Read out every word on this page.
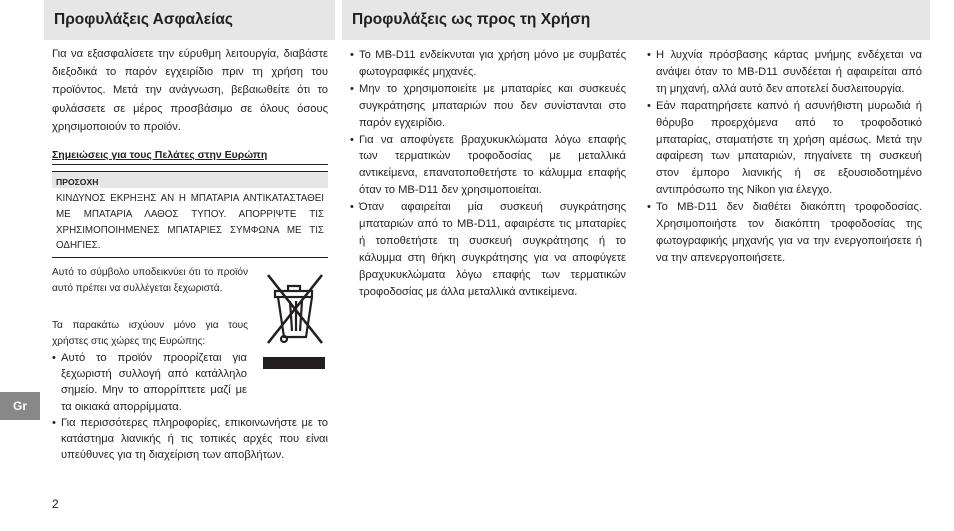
Προφυλάξεις Ασφαλείας	Προφυλάξεις ως προς τη Χρήση

Για να εξασφαλίσετε την εύρυθμη λειτουργία, διαβάστε διεξοδικά το παρόν εγχειρίδιο πριν τη χρήση του προϊόντος. Μετά την ανάγνωση, βεβαιωθείτε ότι το φυλάσσετε σε μέρος προσβάσιμο σε όλους όσους χρησιμοποιούν το προϊόν.

Σημειώσεις για τους Πελάτες στην Ευρώπη
ΠΡΟΣΟΧΗ
ΚΙΝΔΥΝΟΣ ΕΚΡΗΞΗΣ ΑΝ Η ΜΠΑΤΑΡΙΑ ΑΝΤΙΚΑΤΑΣΤΑΘΕΙ ΜΕ ΜΠΑΤΑΡΙΑ ΛΑΘΟΣ ΤΥΠΟΥ. ΑΠΟΡΡΙΨΤΕ ΤΙΣ ΧΡΗΣΙΜΟΠΟΙΗΜΕΝΕΣ ΜΠΑΤΑΡΙΕΣ ΣΥΜΦΩΝΑ ΜΕ ΤΙΣ ΟΔΗΓΙΕΣ.

Αυτό το σύμβολο υποδεικνύει ότι το προϊόν αυτό πρέπει να συλλέγεται ξεχωριστά.

Τα παρακάτω ισχύουν μόνο για τους χρήστες στις χώρες της Ευρώπης:

• Αυτό το προϊόν προορίζεται για ξεχωριστή συλλογή από κατάλληλο σημείο. Μην το απορρίπτετε μαζί με τα οικιακά απορρίμματα.
• Για περισσότερες πληροφορίες, επικοινωνήστε με το κατάστημα λιανικής ή τις τοπικές αρχές που είναι υπεύθυνες για τη διαχείριση των αποβλήτων.
Gr
2
• Το MB-D11 ενδείκνυται για χρήση μόνο με συμβατές φωτογραφικές μηχανές.
• Μην το χρησιμοποιείτε με μπαταρίες και συσκευές συγκράτησης μπαταριών που δεν συνίστανται στο παρόν εγχειρίδιο.
• Για να αποφύγετε βραχυκυκλώματα λόγω επαφής των τερματικών τροφοδοσίας με μεταλλικά αντικείμενα, επανατοποθετήστε το κάλυμμα επαφής όταν το MB-D11 δεν χρησιμοποιείται.
• Όταν αφαιρείται μία συσκευή συγκράτησης μπαταριών από το MB-D11, αφαιρέστε τις μπαταρίες ή τοποθετήστε τη συσκευή συγκράτησης ή το κάλυμμα στη θήκη συγκράτησης για να αποφύγετε βραχυκυκλώματα λόγω επαφής των τερματικών τροφοδοσίας με άλλα μεταλλικά αντικείμενα.
• Η λυχνία πρόσβασης κάρτας μνήμης ενδέχεται να ανάψει όταν το MB-D11 συνδέεται ή αφαιρείται από τη μηχανή, αλλά αυτό δεν αποτελεί δυσλειτουργία.
• Εάν παρατηρήσετε καπνό ή ασυνήθιστη μυρωδιά ή θόρυβο προερχόμενα από το τροφοδοτικό μπαταρίας, σταματήστε τη χρήση αμέσως. Μετά την αφαίρεση των μπαταριών, πηγαίνετε τη συσκευή στον έμπορο λιανικής ή σε εξουσιοδοτημένο αντιπρόσωπο της Nikon για έλεγχο.
• Το MB-D11 δεν διαθέτει διακόπτη τροφοδοσίας. Χρησιμοποιήστε τον διακόπτη τροφοδοσίας της φωτογραφικής μηχανής για να την ενεργοποιήσετε ή να την απενεργοποιήσετε.
